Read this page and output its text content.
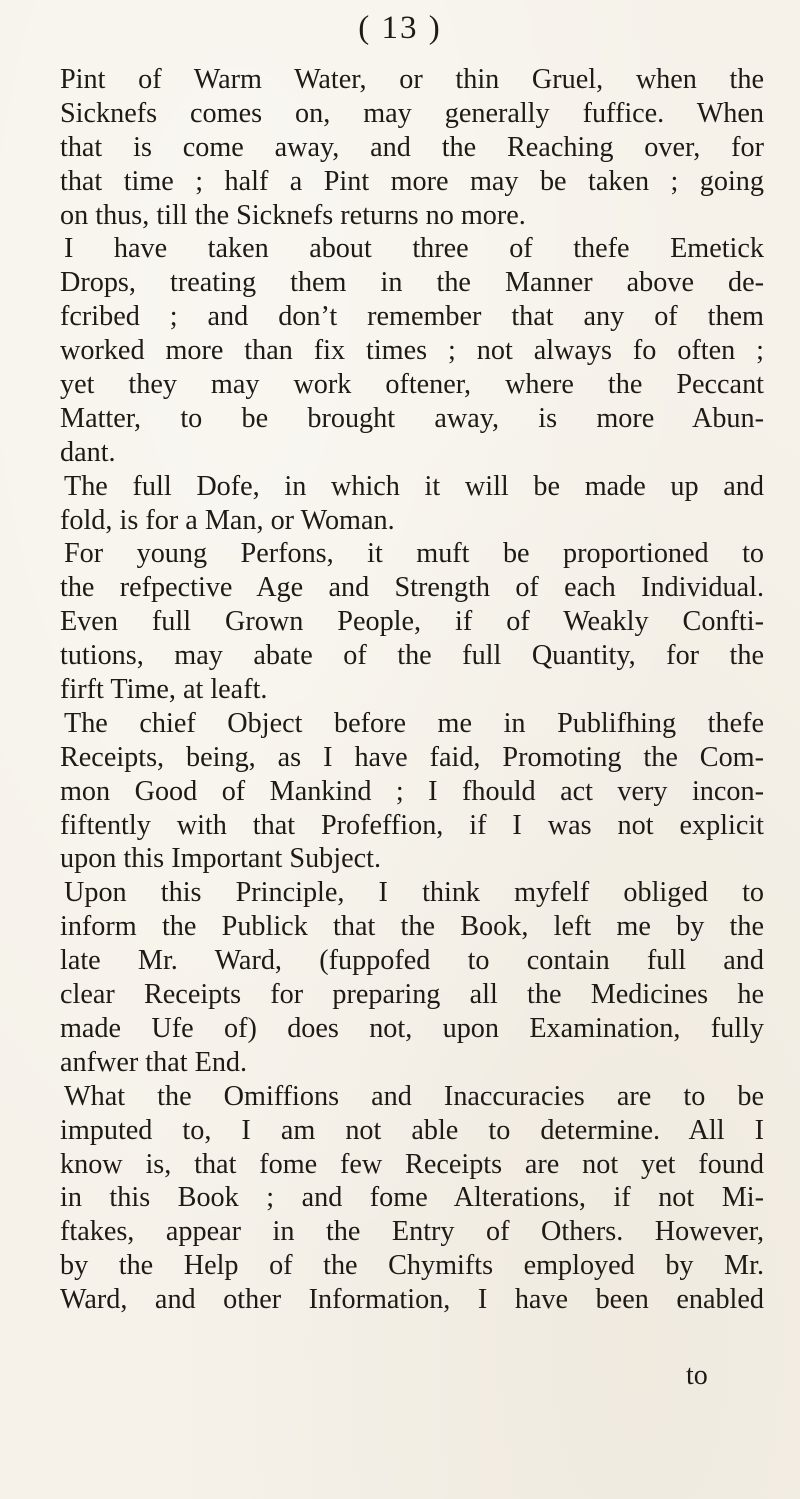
( 13 )
Pint of Warm Water, or thin Gruel, when the
Sicknefs comes on, may generally fuffice. When
that is come away, and the Reaching over, for
that time ; half a Pint more may be taken ; going
on thus, till the Sicknefs returns no more.
I have taken about three of thefe Emetick
Drops, treating them in the Manner above de-
fcribed ; and don’t remember that any of them
worked more than fix times ; not always fo often ;
yet they may work oftener, where the Peccant
Matter, to be brought away, is more Abun-
dant.
The full Dofe, in which it will be made up and
fold, is for a Man, or Woman.
For young Perfons, it muft be proportioned to
the refpective Age and Strength of each Individual.
Even full Grown People, if of Weakly Confti-
tutions, may abate of the full Quantity, for the
firft Time, at leaft.
The chief Object before me in Publifhing thefe
Receipts, being, as I have faid, Promoting the Com-
mon Good of Mankind ; I fhould act very incon-
fiftently with that Profeffion, if I was not explicit
upon this Important Subject.
Upon this Principle, I think myfelf obliged to
inform the Publick that the Book, left me by the
late Mr. Ward, (fuppofed to contain full and
clear Receipts for preparing all the Medicines he
made Ufe of) does not, upon Examination, fully
anfwer that End.
What the Omiffions and Inaccuracies are to be
imputed to, I am not able to determine. All I
know is, that fome few Receipts are not yet found
in this Book ; and fome Alterations, if not Mi-
ftakes, appear in the Entry of Others. However,
by the Help of the Chymifts employed by Mr.
Ward, and other Information, I have been enabled
to
